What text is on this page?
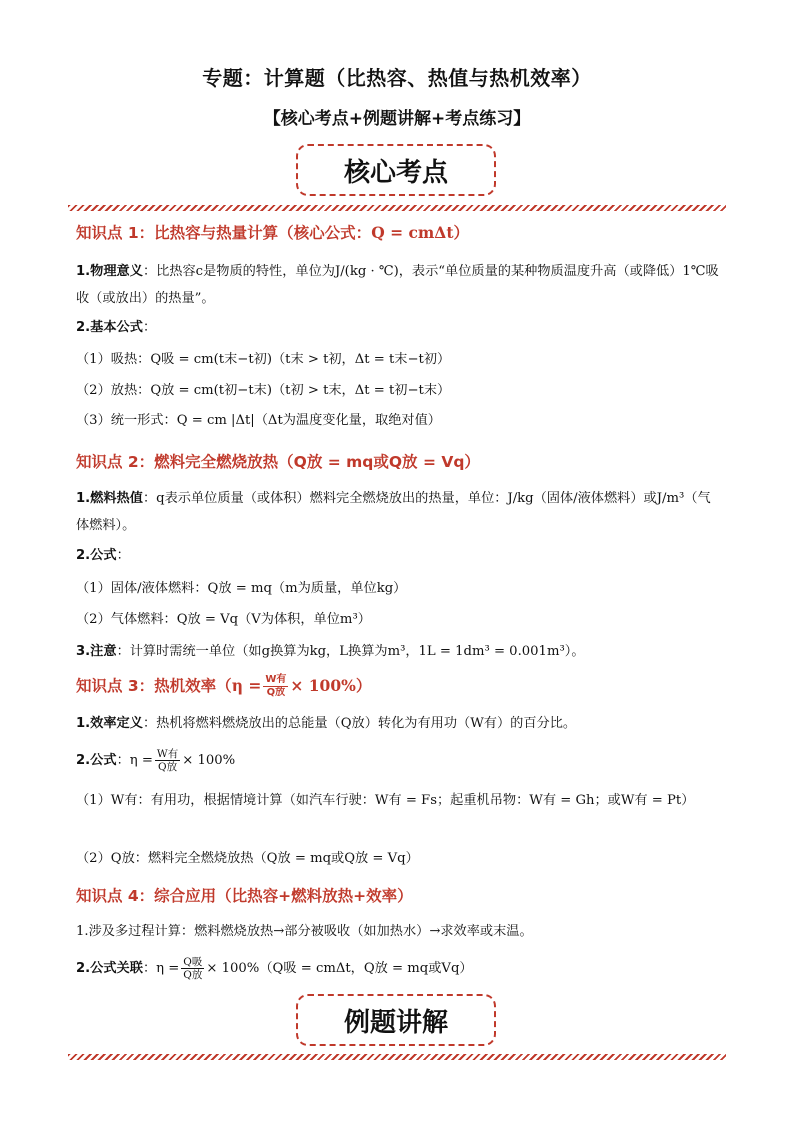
专题：计算题（比热容、热值与热机效率）
【核心考点+例题讲解+考点练习】
核心考点
知识点 1：比热容与热量计算（核心公式：Q = cmΔt）
1.物理意义：比热容c是物质的特性，单位为J/(kg · ℃)，表示“单位质量的某种物质温度升高（或降低）1℃吸收（或放出）的热量”。
2.基本公式：
（1）吸热：Q吸 = cm(t末−t初)（t末 > t初，Δt = t末−t初）
（2）放热：Q放 = cm(t初−t末)（t初 > t末，Δt = t初−t末）
（3）统一形式：Q = cm |Δt|（Δt为温度变化量，取绝对值）
知识点 2：燃料完全燃烧放热（Q放 = mq或Q放 = Vq）
1.燃料热值：q表示单位质量（或体积）燃料完全燃烧放出的热量，单位：J/kg（固体/液体燃料）或J/m³（气体燃料）。
2.公式：
（1）固体/液体燃料：Q放 = mq（m为质量，单位kg）
（2）气体燃料：Q放 = Vq（V为体积，单位m³）
3.注意：计算时需统一单位（如g换算为kg，L换算为m³，1L = 1dm³ = 0.001m³）。
知识点 3：热机效率$(\eta = \frac{\text{W有}}{\text{Q放}} \times 100\%)$
1.效率定义：热机将燃料燃烧放出的总能量（Q放）转化为有用功（W有）的百分比。
2.公式：$\eta = \frac{\text{W有}}{\text{Q放}} \times 100\%$
（1）W有：有用功，根据情境计算（如汽车行驶：W有 = Fs；起重机吊物：W有 = Gh；或W有 = Pt）
（2）Q放：燃料完全燃烧放热（Q放 = mq或Q放 = Vq）
知识点 4：综合应用（比热容+燃料放热+效率）
1.涉及多过程计算：燃料燃烧放热→部分被吸收（如加热水）→求效率或末温。
2.公式关联：$\eta = \frac{\text{Q吸}}{\text{Q放}} \times 100\%(Q$吸 = cmΔt，Q放 = mq或Vq）
例题讲解
